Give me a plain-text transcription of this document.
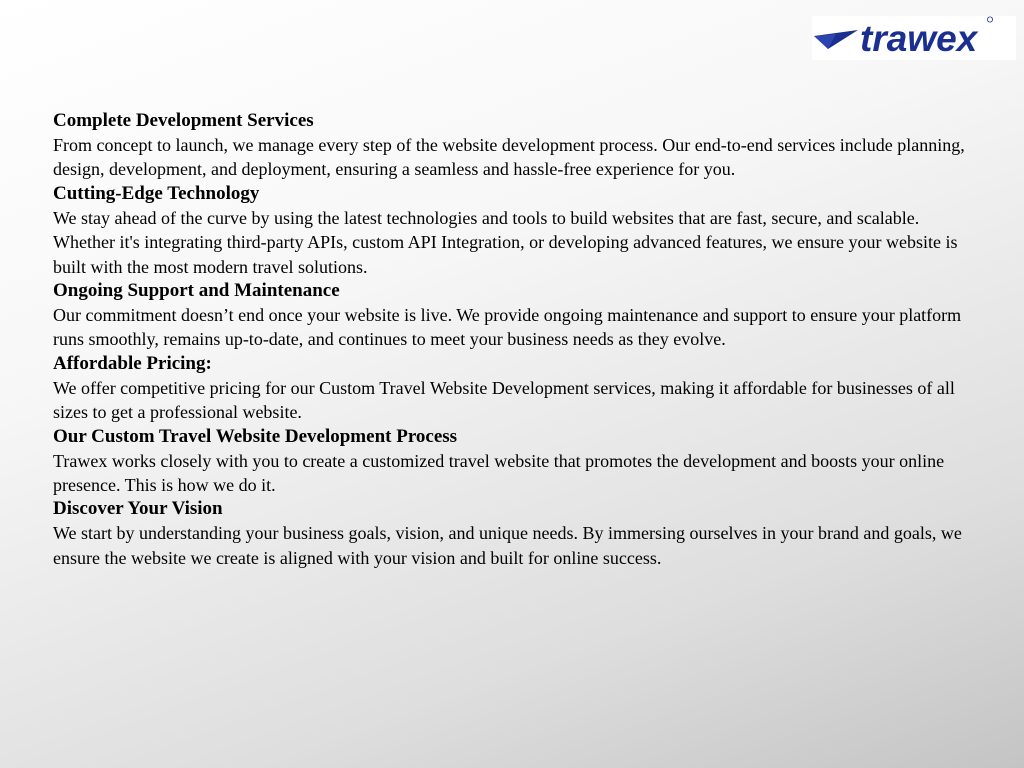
trawex
Complete Development Services
From concept to launch, we manage every step of the website development process. Our end-to-end services include planning, design, development, and deployment, ensuring a seamless and hassle-free experience for you.
Cutting-Edge Technology
We stay ahead of the curve by using the latest technologies and tools to build websites that are fast, secure, and scalable. Whether it's integrating third-party APIs, custom API Integration, or developing advanced features, we ensure your website is built with the most modern travel solutions.
Ongoing Support and Maintenance
Our commitment doesn’t end once your website is live. We provide ongoing maintenance and support to ensure your platform runs smoothly, remains up-to-date, and continues to meet your business needs as they evolve.
Affordable Pricing:
We offer competitive pricing for our Custom Travel Website Development services, making it affordable for businesses of all sizes to get a professional website.
Our Custom Travel Website Development Process
Trawex works closely with you to create a customized travel website that promotes the development and boosts your online presence. This is how we do it.
Discover Your Vision
We start by understanding your business goals, vision, and unique needs. By immersing ourselves in your brand and goals, we ensure the website we create is aligned with your vision and built for online success.
